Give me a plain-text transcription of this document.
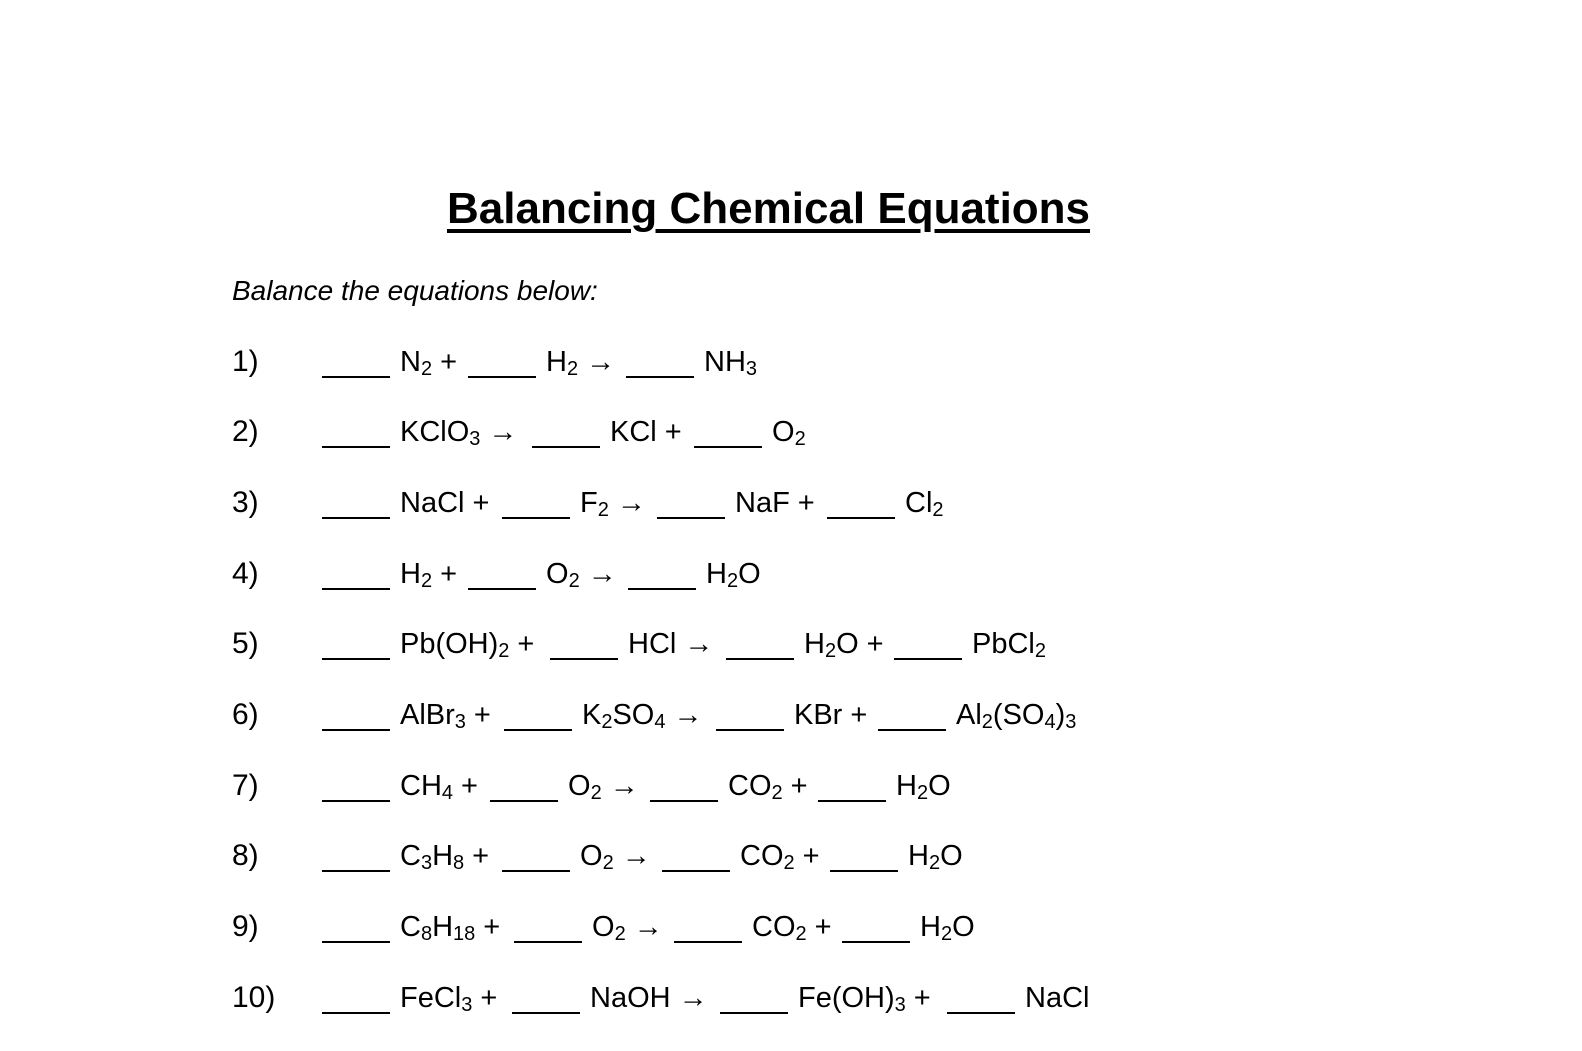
Balancing Chemical Equations
Balance the equations below:
1)	$N_2$ +	$H_2$ →	$NH_3$
2)	KClO$_3$ →	KCl +	$O_2$
3)	NaCl +	$F_2$ →	NaF +	$Cl_2$
4)	$H_2$ +	$O_2$ →	$H_2O$
5)	$Pb(OH)_2$ +	HCl →	$H_2O$ +	PbCl$_2$
6)	AlBr$_3$ +	$K_2SO_4$ →	KBr +	$Al_2(SO_4)_3$
7)	$CH_4$ +	$O_2$ →	$CO_2$ +	$H_2O$
8)	$C_3H_8$ +	$O_2$ →	$CO_2$ +	$H_2O$
9)	$C_8H_{18}$ +	$O_2$ →	$CO_2$ +	$H_2O$
10)	FeCl$_3$ +	NaOH →	$Fe(OH)_3$ +	NaCl
